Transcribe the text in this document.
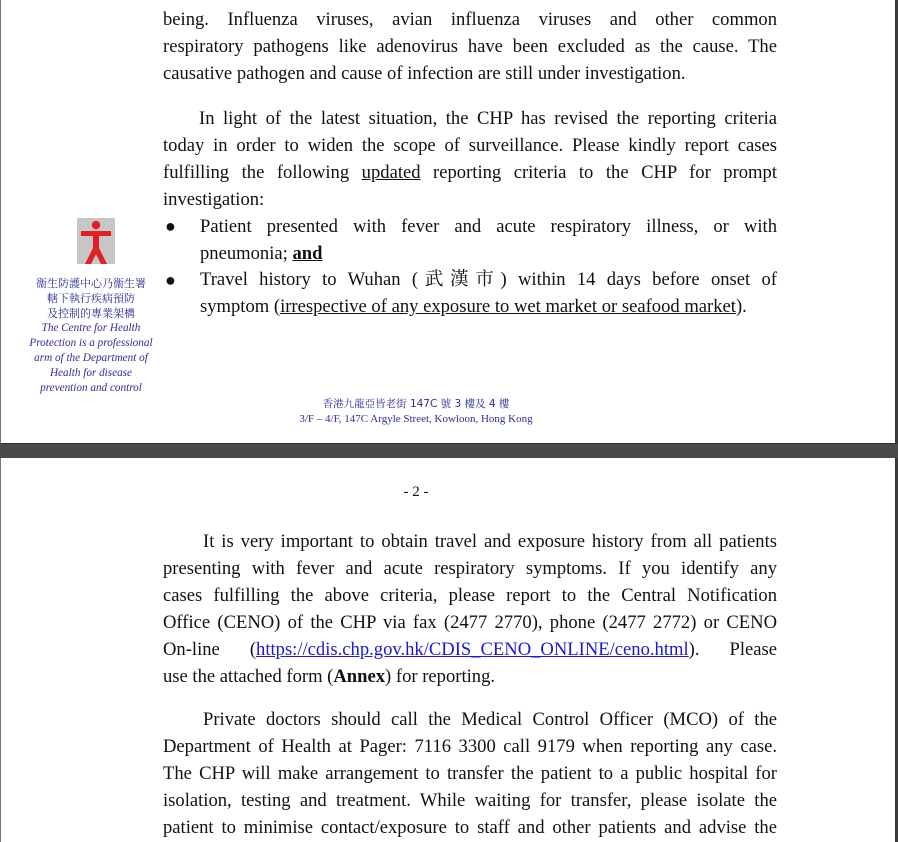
being. Influenza viruses, avian influenza viruses and other common
respiratory pathogens like adenovirus have been excluded as the cause. The
causative pathogen and cause of infection are still under investigation.

In light of the latest situation, the CHP has revised the reporting criteria
today in order to widen the scope of surveillance. Please kindly report cases
fulfilling the following updated reporting criteria to the CHP for prompt
investigation:

● Patient presented with fever and acute respiratory illness, or with
pneumonia; and

● Travel history to Wuhan (武漢市) within 14 days before onset of
symptom (irrespective of any exposure to wet market or seafood market).

衞生防護中心乃衞生署
轄下執行疾病預防
及控制的專業架構
The Centre for Health Protection is a professional arm of the Department of Health for disease prevention and control
香港九龍亞皆老街 147C 號 3 樓及 4 樓
3/F – 4/F, 147C Argyle Street, Kowloon, Hong Kong
- 2 -

It is very important to obtain travel and exposure history from all patients
presenting with fever and acute respiratory symptoms. If you identify any
cases fulfilling the above criteria, please report to the Central Notification
Office (CENO) of the CHP via fax (2477 2770), phone (2477 2772) or CENO
On-line (https://cdis.chp.gov.hk/CDIS_CENO_ONLINE/ceno.html). Please
use the attached form (Annex) for reporting.

Private doctors should call the Medical Control Officer (MCO) of the
Department of Health at Pager: 7116 3300 call 9179 when reporting any case.
The CHP will make arrangement to transfer the patient to a public hospital for
isolation, testing and treatment. While waiting for transfer, please isolate the
patient to minimise contact/exposure to staff and other patients and advise the
